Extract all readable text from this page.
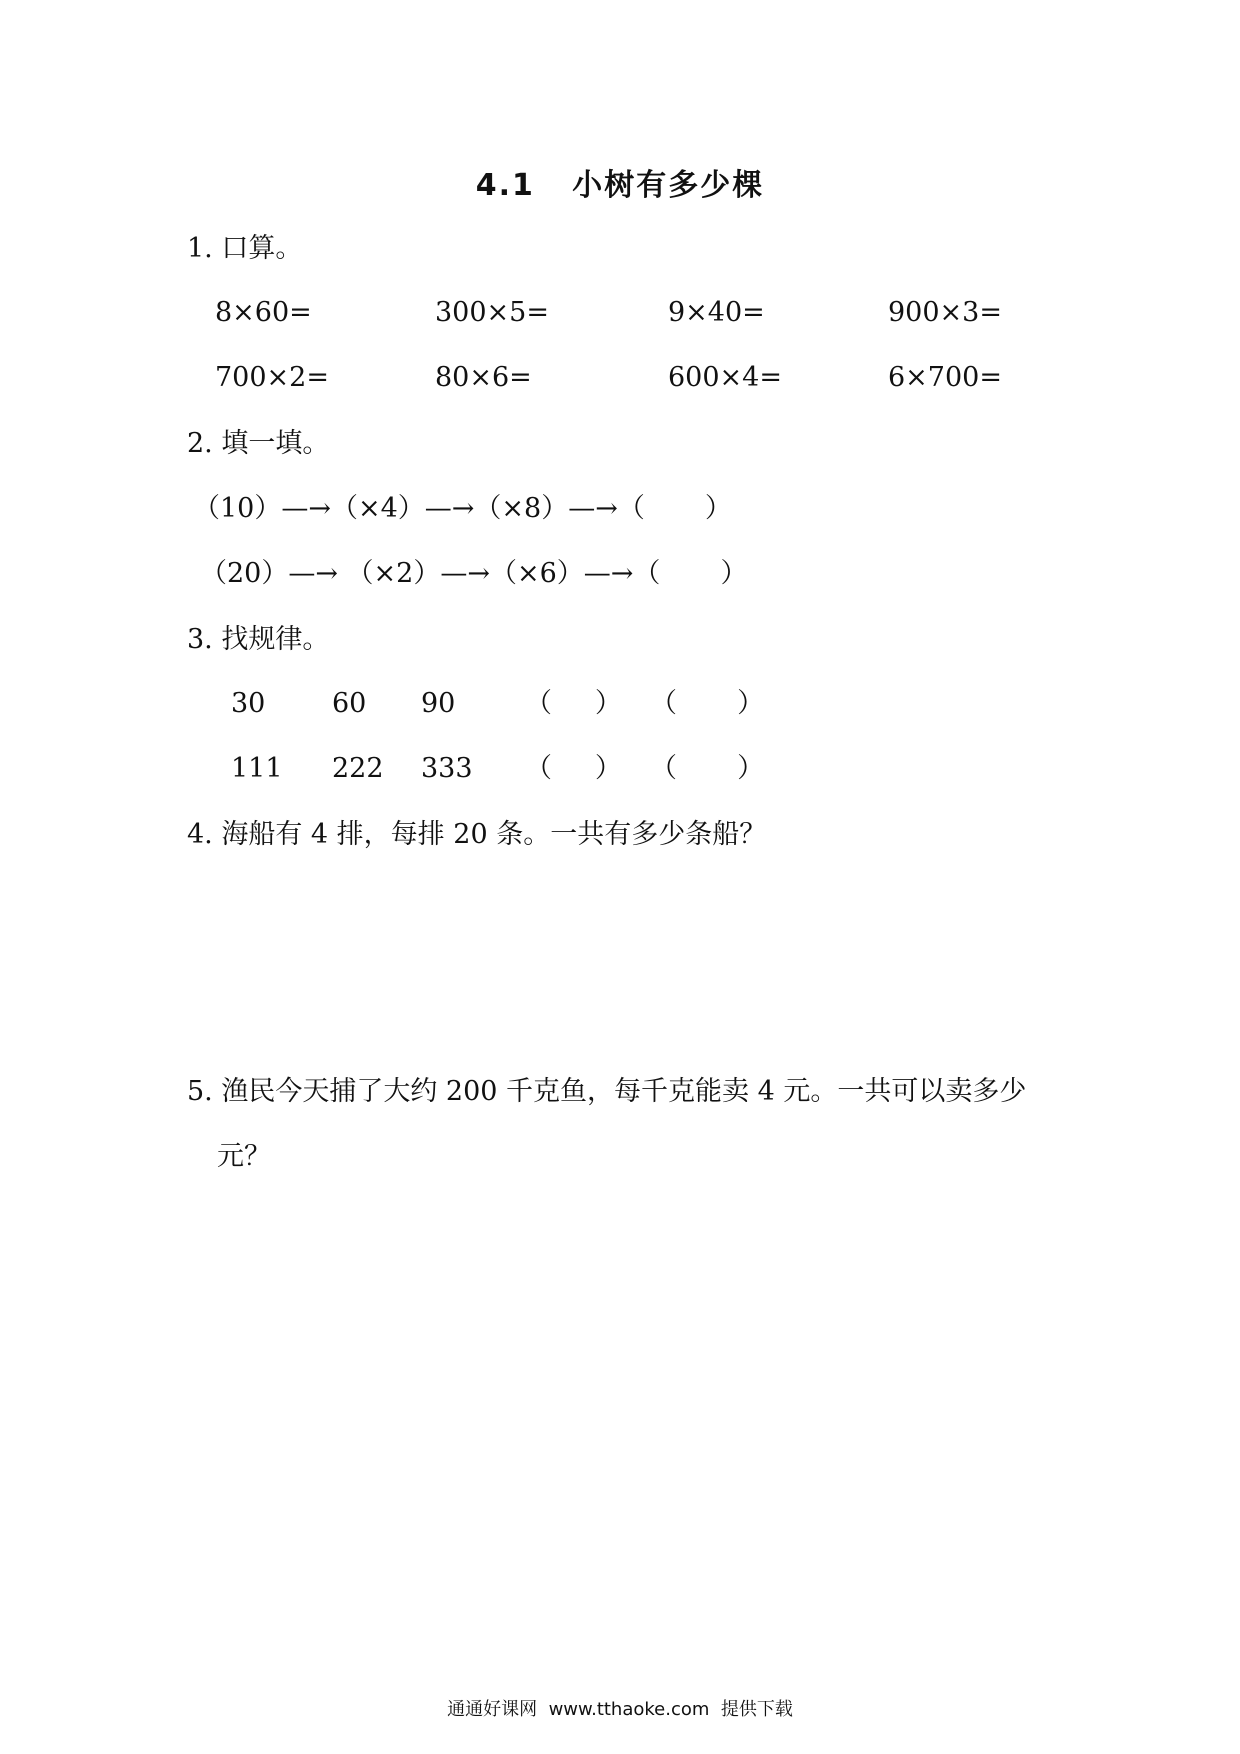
4.1   小树有多少棵
1. 口算。
8×60=	300×5=	9×40=	900×3=
700×2=	80×6=	600×4=	6×700=
2. 填一填。
（10）—→（×4）—→（×8）—→（       ）
（20）—→ （×2）—→（×6）—→（       ）
3. 找规律。
30 60 90	（     ） （       ）
111 222 333 （     ） （       ）
4. 海船有 4 排，每排 20 条。一共有多少条船？
5. 渔民今天捕了大约 200 千克鱼，每千克能卖 4 元。一共可以卖多少
元？
通通好课网  www.tthaoke.com  提供下载
